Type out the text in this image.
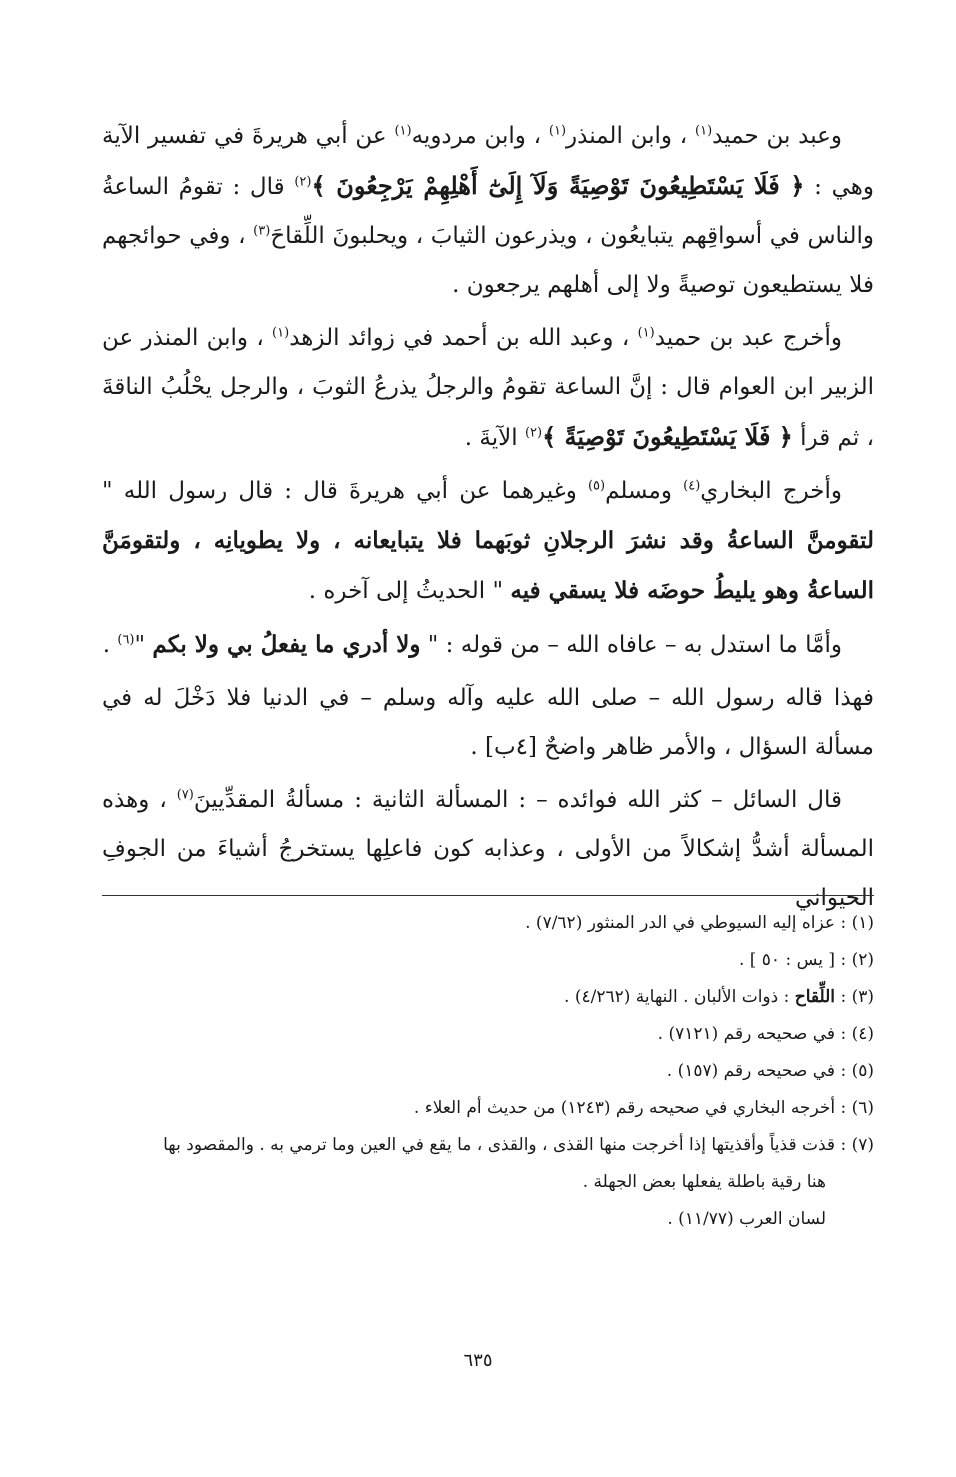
وعبد بن حميد$^{(١)}$ ، وابن المنذر$^{(١)}$ ، وابن مردويه$^{(١)}$ عن أبي هريرةَ في تفسير الآية وهي : ﴿ فَلَا يَسْتَطِيعُونَ تَوْصِيَةً وَلَآ إِلَىٰٓ أَهْلِهِمْ يَرْجِعُونَ ﴾$^{(٢)}$ قال : تقومُ الساعةُ والناس في أسواقِهم يتبايعُون ، ويذرعون الثيابَ ، ويحلبونَ اللِّقاحَ$^{(٣)}$ ، وفي حوائجهم فلا يستطيعون توصيةً ولا إلى أهلهم يرجعون .

وأخرج عبد بن حميد$^{(١)}$ ، وعبد الله بن أحمد في زوائد الزهد$^{(١)}$ ، وابن المنذر عن الزبير ابن العوام قال : إنَّ الساعة تقومُ والرجلُ يذرعُ الثوبَ ، والرجل يحْلُبُ الناقةَ ، ثم قرأ ﴿ فَلَا يَسْتَطِيعُونَ تَوْصِيَةً ﴾$^{(٢)}$ الآيةَ .

وأخرج البخاري$^{(٤)}$ ومسلم$^{(٥)}$ وغيرهما عن أبي هريرةَ قال : قال رسول الله " لتقومنَّ الساعةُ وقد نشرَ الرجلانِ ثوبَهما فلا يتبايعانه ، ولا يطويانِه ، ولتقومَنَّ الساعةُ وهو يليطُ حوضَه فلا يسقي فيه " الحديثُ إلى آخره .

وأمَّا ما استدل به – عافاه الله – من قوله : " ولا أدري ما يفعلُ بي ولا بكم "$^{(٦)}$ .

فهذا قاله رسول الله – صلى الله عليه وآله وسلم – في الدنيا فلا دَخْلَ له في مسألة السؤال ، والأمر ظاهر واضحٌ [٤ب] .

قال السائل – كثر الله فوائده – : المسألة الثانية : مسألةُ المقدِّيينَ$^{(٧)}$ ، وهذه المسألة أشدُّ إشكالاً من الأولى ، وعذابه كون فاعلِها يستخرجُ أشياءَ من الجوفِ الحيواني

(١) : عزاه إليه السيوطي في الدر المنثور (٧/٦٢) .

(٢) : [ يس : ٥٠ ] .

(٣) : اللِّقاح : ذوات الألبان . النهاية (٤/٢٦٢) .

(٤) : في صحيحه رقم (٧١٢١) .

(٥) : في صحيحه رقم (١٥٧) .

(٦) : أخرجه البخاري في صحيحه رقم (١٢٤٣) من حديث أم العلاء .

(٧) : قذت قذياً وأقذيتها إذا أخرجت منها القذى ، والقذى ، ما يقع في العين وما ترمي به . والمقصود بها

هنا رقية باطلة يفعلها بعض الجهلة .

لسان العرب (١١/٧٧) .

٦٣٥
